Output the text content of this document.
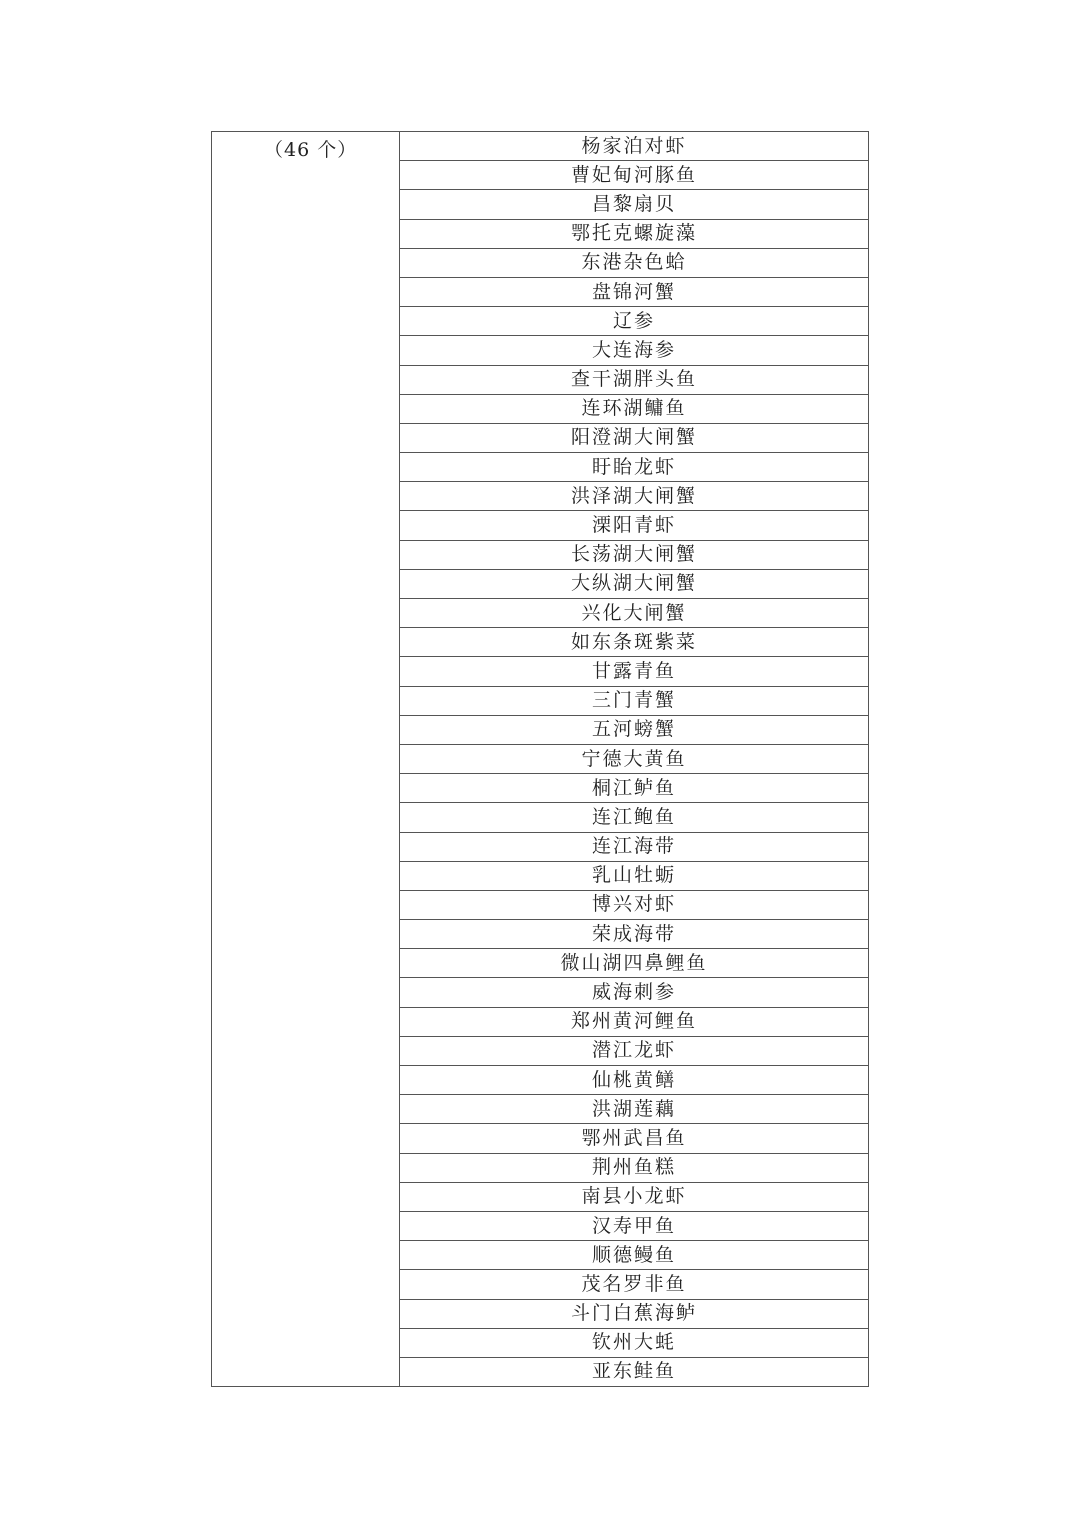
（46 个）	杨家泊对虾
曹妃甸河豚鱼
昌黎扇贝
鄂托克螺旋藻
东港杂色蛤
盘锦河蟹
辽参
大连海参
查干湖胖头鱼
连环湖鳙鱼
阳澄湖大闸蟹
盱眙龙虾
洪泽湖大闸蟹
溧阳青虾
长荡湖大闸蟹
大纵湖大闸蟹
兴化大闸蟹
如东条斑紫菜
甘露青鱼
三门青蟹
五河螃蟹
宁德大黄鱼
桐江鲈鱼
连江鲍鱼
连江海带
乳山牡蛎
博兴对虾
荣成海带
微山湖四鼻鲤鱼
威海刺参
郑州黄河鲤鱼
潜江龙虾
仙桃黄鳝
洪湖莲藕
鄂州武昌鱼
荆州鱼糕
南县小龙虾
汉寿甲鱼
顺德鳗鱼
茂名罗非鱼
斗门白蕉海鲈
钦州大蚝
亚东鲑鱼
